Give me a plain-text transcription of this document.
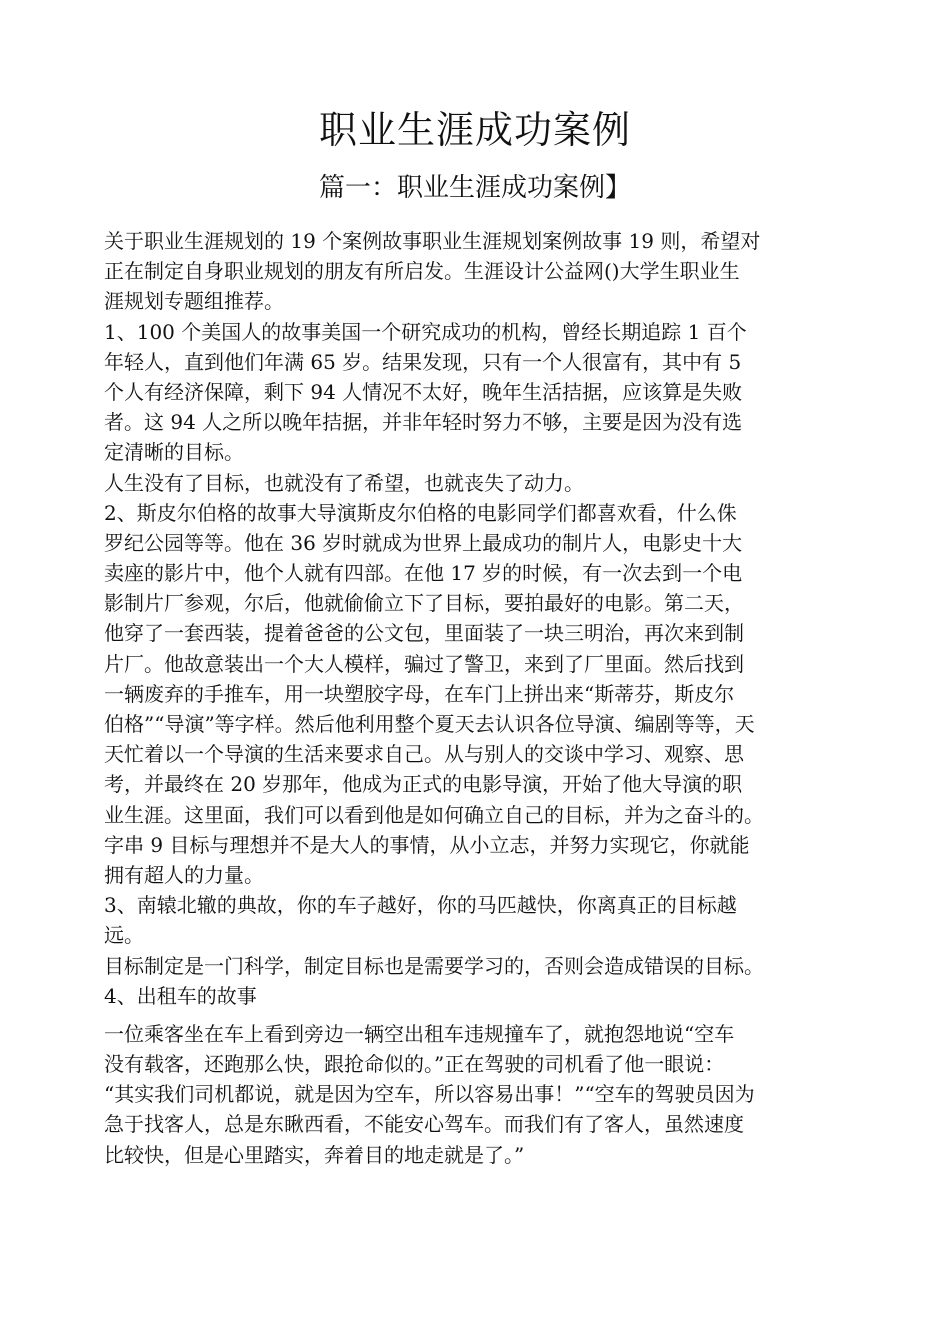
职业生涯成功案例
篇一：职业生涯成功案例】
关于职业生涯规划的 19 个案例故事职业生涯规划案例故事 19 则，希望对
正在制定自身职业规划的朋友有所启发。生涯设计公益网()大学生职业生
涯规划专题组推荐。
1、100 个美国人的故事美国一个研究成功的机构，曾经长期追踪 1 百个
年轻人，直到他们年满 65 岁。结果发现，只有一个人很富有，其中有 5
个人有经济保障，剩下 94 人情况不太好，晚年生活拮据，应该算是失败
者。这 94 人之所以晚年拮据，并非年轻时努力不够，主要是因为没有选
定清晰的目标。
人生没有了目标，也就没有了希望，也就丧失了动力。
2、斯皮尔伯格的故事大导演斯皮尔伯格的电影同学们都喜欢看，什么侏
罗纪公园等等。他在 36 岁时就成为世界上最成功的制片人，电影史十大
卖座的影片中，他个人就有四部。在他 17 岁的时候，有一次去到一个电
影制片厂参观，尔后，他就偷偷立下了目标，要拍最好的电影。第二天，
他穿了一套西装，提着爸爸的公文包，里面装了一块三明治，再次来到制
片厂。他故意装出一个大人模样，骗过了警卫，来到了厂里面。然后找到
一辆废弃的手推车，用一块塑胶字母，在车门上拼出来“斯蒂芬，斯皮尔
伯格”“导演”等字样。然后他利用整个夏天去认识各位导演、编剧等等，天
天忙着以一个导演的生活来要求自己。从与别人的交谈中学习、观察、思
考，并最终在 20 岁那年，他成为正式的电影导演，开始了他大导演的职
业生涯。这里面，我们可以看到他是如何确立自己的目标，并为之奋斗的。
字串 9 目标与理想并不是大人的事情，从小立志，并努力实现它，你就能
拥有超人的力量。
3、南辕北辙的典故，你的车子越好，你的马匹越快，你离真正的目标越
远。
目标制定是一门科学，制定目标也是需要学习的，否则会造成错误的目标。
4、出租车的故事
一位乘客坐在车上看到旁边一辆空出租车违规撞车了，就抱怨地说“空车
没有载客，还跑那么快，跟抢命似的。”正在驾驶的司机看了他一眼说：
“其实我们司机都说，就是因为空车，所以容易出事！”“空车的驾驶员因为
急于找客人，总是东瞅西看，不能安心驾车。而我们有了客人，虽然速度
比较快，但是心里踏实，奔着目的地走就是了。”
